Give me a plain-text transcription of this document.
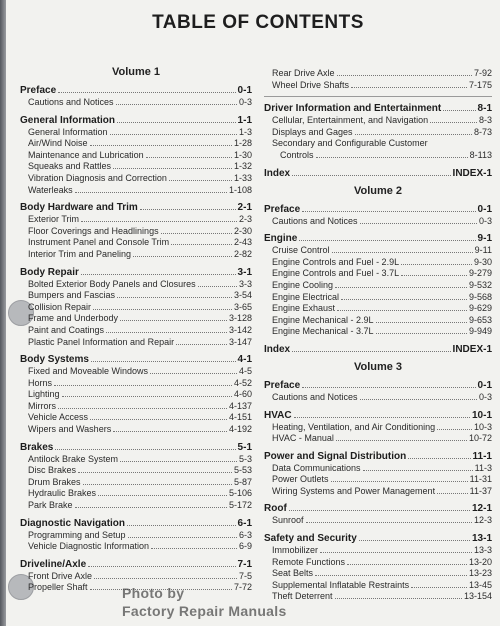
TABLE OF CONTENTS
Volume 1
Preface	0-1
Cautions and Notices	0-3
General Information	1-1
General Information	1-3
Air/Wind Noise	1-28
Maintenance and Lubrication	1-30
Squeaks and Rattles	1-32
Vibration Diagnosis and Correction	1-33
Waterleaks	1-108
Body Hardware and Trim	2-1
Exterior Trim	2-3
Floor Coverings and Headlinings	2-30
Instrument Panel and Console Trim	2-43
Interior Trim and Paneling	2-82
Body Repair	3-1
Bolted Exterior Body Panels and Closures	3-3
Bumpers and Fascias	3-54
Collision Repair	3-65
Frame and Underbody	3-128
Paint and Coatings	3-142
Plastic Panel Information and Repair	3-147
Body Systems	4-1
Fixed and Moveable Windows	4-5
Horns	4-52
Lighting	4-60
Mirrors	4-137
Vehicle Access	4-151
Wipers and Washers	4-192
Brakes	5-1
Antilock Brake System	5-3
Disc Brakes	5-53
Drum Brakes	5-87
Hydraulic Brakes	5-106
Park Brake	5-172
Diagnostic Navigation	6-1
Programming and Setup	6-3
Vehicle Diagnostic Information	6-9
Driveline/Axle	7-1
Front Drive Axle	7-5
Propeller Shaft	7-72
Rear Drive Axle	7-92
Wheel Drive Shafts	7-175
Driver Information and Entertainment	8-1
Cellular, Entertainment, and Navigation	8-3
Displays and Gages	8-73
Secondary and Configurable Customer
Controls	8-113
Index	INDEX-1
Volume 2
Preface	0-1
Cautions and Notices	0-3
Engine	9-1
Cruise Control	9-11
Engine Controls and Fuel - 2.9L	9-30
Engine Controls and Fuel - 3.7L	9-279
Engine Cooling	9-532
Engine Electrical	9-568
Engine Exhaust	9-629
Engine Mechanical - 2.9L	9-653
Engine Mechanical - 3.7L	9-949
Index	INDEX-1
Volume 3
Preface	0-1
Cautions and Notices	0-3
HVAC	10-1
Heating, Ventilation, and Air Conditioning	10-3
HVAC - Manual	10-72
Power and Signal Distribution	11-1
Data Communications	11-3
Power Outlets	11-31
Wiring Systems and Power Management	11-37
Roof	12-1
Sunroof	12-3
Safety and Security	13-1
Immobilizer	13-3
Remote Functions	13-20
Seat Belts	13-23
Supplemental Inflatable Restraints	13-45
Theft Deterrent	13-154
Photo by
Factory Repair Manuals
